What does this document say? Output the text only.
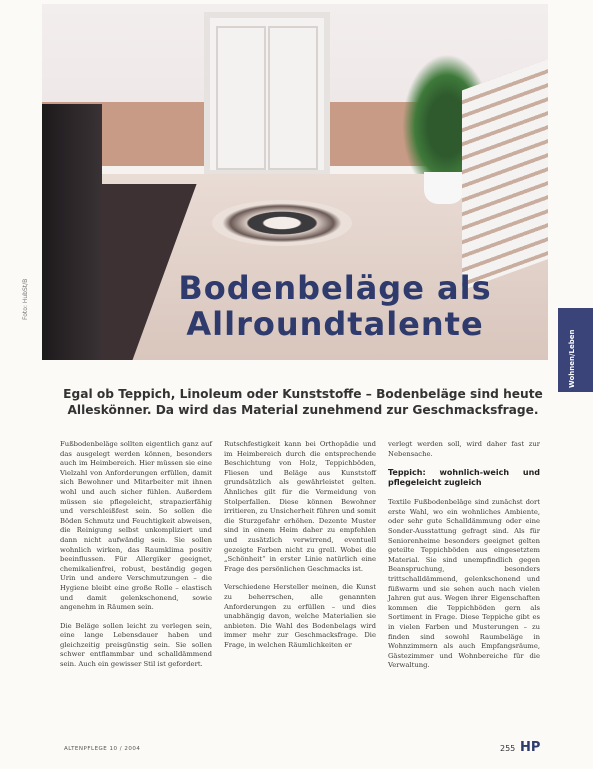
Bodenbeläge als
Allroundtalente
Foto: HubSt/B
Wohnen/Leben
Egal ob Teppich, Linoleum oder Kunststoffe – Bodenbeläge sind heute Alleskönner. Da wird das Material zunehmend zur Geschmacksfrage.

Fußbodenbeläge sollten eigentlich ganz auf das ausgelegt werden können, besonders auch im Heimbereich. Hier müssen sie eine Vielzahl von Anforderungen erfüllen, damit sich Bewohner und Mitarbeiter mit ihnen wohl und auch sicher fühlen. Außerdem müssen sie pflegeleicht, strapazierfähig und verschleißfest sein. So sollen die Böden Schmutz und Feuchtigkeit abweisen, die Reinigung selbst unkompliziert und dann nicht aufwändig sein. Sie sollen wohnlich wirken, das Raumklima positiv beeinflussen. Für Allergiker geeignet, chemikalienfrei, robust, beständig gegen Urin und andere Verschmutzungen – die Hygiene bleibt eine große Rolle – elastisch und damit gelenkschonend, sowie angenehm in Räumen sein.

Die Beläge sollen leicht zu verlegen sein, eine lange Lebensdauer haben und gleichzeitig preisgünstig sein. Sie sollen schwer entflammbar und schalldämmend sein. Auch ein gewisser Stil ist gefordert.

Rutschfestigkeit kann bei Orthopädie und im Heimbereich durch die entsprechende Beschichtung von Holz, Teppichböden, Fliesen und Beläge aus Kunststoff grundsätzlich als gewährleistet gelten. Ähnliches gilt für die Vermeidung von Stolperfallen. Diese können Bewohner irritieren, zu Unsicherheit führen und somit die Sturzgefahr erhöhen. Dezente Muster sind in einem Heim daher zu empfehlen und zusätzlich verwirrend, eventuell gezeigte Farben nicht zu grell. Wobei die „Schönheit“ in erster Linie natürlich eine Frage des persönlichen Geschmacks ist.

Verschiedene Hersteller meinen, die Kunst zu beherrschen, alle genannten Anforderungen zu erfüllen – und dies unabhängig davon, welche Materialien sie anbieten. Die Wahl des Bodenbelags wird immer mehr zur Geschmacksfrage. Die Frage, in welchen Räumlichkeiten er

verlegt werden soll, wird daher fast zur Nebensache.

Teppich: wohnlich-weich und pflegeleicht zugleich

Textile Fußbodenbeläge sind zunächst dort erste Wahl, wo ein wohnliches Ambiente, oder sehr gute Schalldämmung oder eine Sonder-Ausstattung gefragt sind. Als für Seniorenheime besonders geeignet gelten geteilte Teppichböden aus eingesetztem Material. Sie sind unempfindlich gegen Beanspruchung, besonders trittschalldämmend, gelenkschonend und füßwarm und sie sehen auch nach vielen Jahren gut aus. Wegen ihrer Eigenschaften kommen die Teppichböden gern als Sortiment in Frage. Diese Teppiche gibt es in vielen Farben und Musterungen – zu finden sind sowohl Raumbeläge in Wohnzimmern als auch Empfangsräume, Gästezimmer und Wohnbereiche für die Verwaltung.

ALTENPFLEGE 10 / 2004	255 HP
